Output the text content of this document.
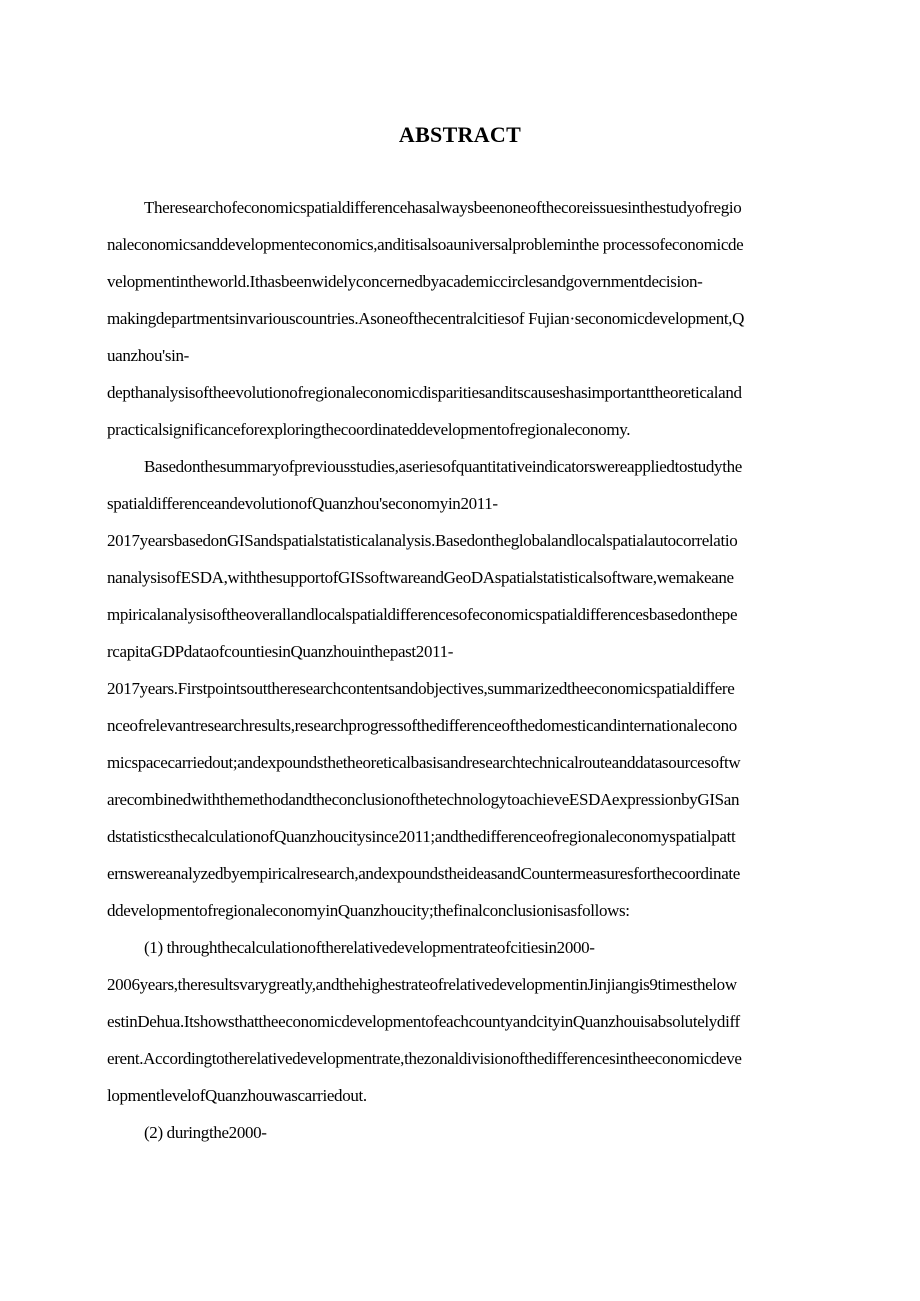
ABSTRACT
Theresearchofeconomicspatialdifferencehasalwaysbeenoneofthecoreissuesinthestudyofregio
naleconomicsanddevelopmenteconomics,anditisalsoauniversalprobleminthe processofeconomicde
velopmentintheworld.Ithasbeenwidelyconcernedbyacademiccirclesandgovernmentdecision-
makingdepartmentsinvariouscountries.Asoneofthecentralcitiesof Fujian·seconomicdevelopment,Q
uanzhou'sin-
depthanalysisoftheevolutionofregionaleconomicdisparitiesanditscauseshasimportanttheoreticaland
practicalsignificanceforexploringthecoordinateddevelopmentofregionaleconomy.
Basedonthesummaryofpreviousstudies,aseriesofquantitativeindicatorswereappliedtostudythe
spatialdifferenceandevolutionofQuanzhou'seconomyin2011-
2017yearsbasedonGISandspatialstatisticalanalysis.Basedontheglobalandlocalspatialautocorrelatio
nanalysisofESDA,withthesupportofGISsoftwareandGeoDAspatialstatisticalsoftware,wemakeane
mpiricalanalysisoftheoverallandlocalspatialdifferencesofeconomicspatialdifferencesbasedonthepe
rcapitaGDPdataofcountiesinQuanzhouinthepast2011-
2017years.Firstpointsouttheresearchcontentsandobjectives,summarizedtheeconomicspatialdiffere
nceofrelevantresearchresults,researchprogressofthedifferenceofthedomesticandinternationalecono
micspacecarriedout;andexpoundsthetheoreticalbasisandresearchtechnicalrouteanddatasourcesoftw
arecombinedwiththemethodandtheconclusionofthetechnologytoachieveESDAexpressionbyGISan
dstatisticsthecalculationofQuanzhoucitysince2011;andthedifferenceofregionaleconomyspatialpatt
ernswereanalyzedbyempiricalresearch,andexpoundstheideasandCountermeasuresforthecoordinate
ddevelopmentofregionaleconomyinQuanzhoucity;thefinalconclusionisasfollows:
(1) throughthecalculationoftherelativedevelopmentrateofcitiesin2000-
2006years,theresultsvarygreatly,andthehighestrateofrelativedevelopmentinJinjiangis9timesthelow
estinDehua.ItshowsthattheeconomicdevelopmentofeachcountyandcityinQuanzhouisabsolutelydiff
erent.Accordingtotherelativedevelopmentrate,thezonaldivisionofthedifferencesintheeconomicdeve
lopmentlevelofQuanzhouwascarriedout.
(2) duringthe2000-
